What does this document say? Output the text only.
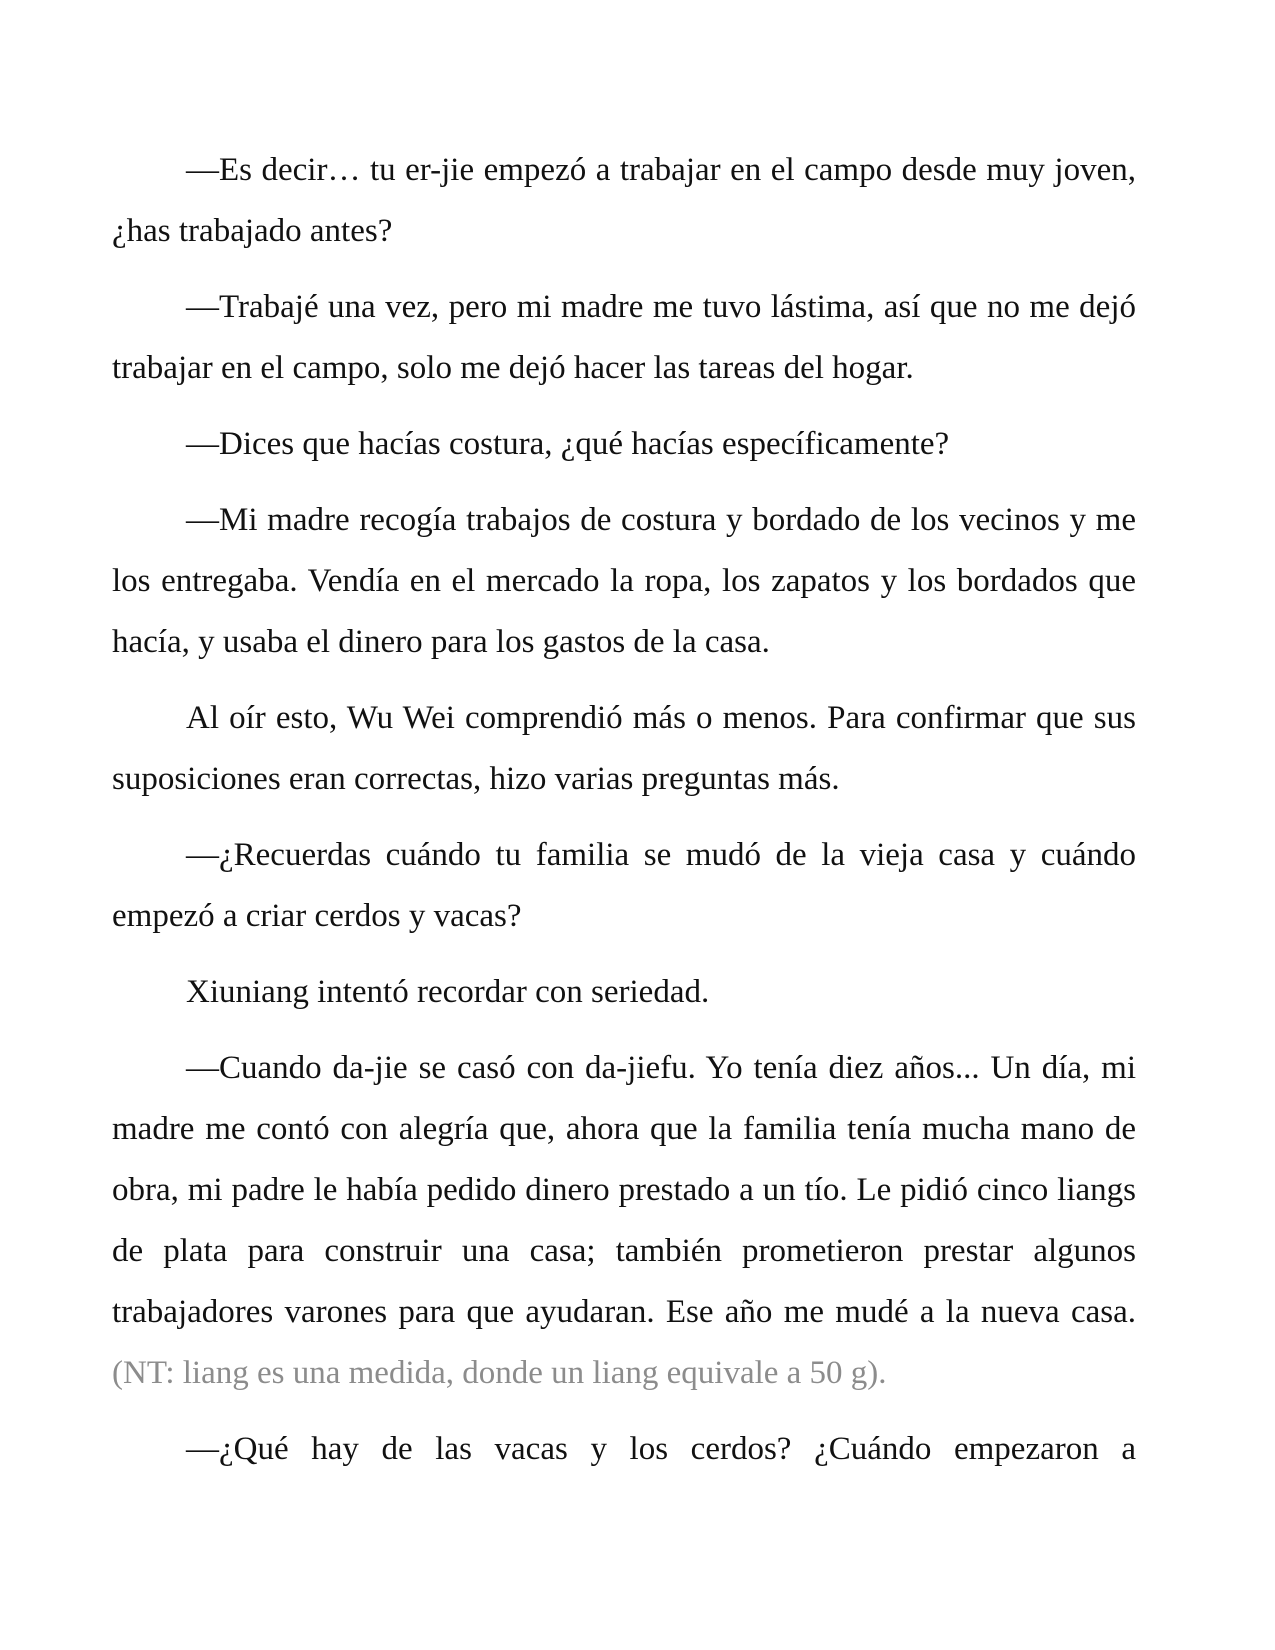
—Es decir… tu er-jie empezó a trabajar en el campo desde muy joven, ¿has trabajado antes?

—Trabajé una vez, pero mi madre me tuvo lástima, así que no me dejó trabajar en el campo, solo me dejó hacer las tareas del hogar.

—Dices que hacías costura, ¿qué hacías específicamente?

—Mi madre recogía trabajos de costura y bordado de los vecinos y me los entregaba. Vendía en el mercado la ropa, los zapatos y los bordados que hacía, y usaba el dinero para los gastos de la casa.

Al oír esto, Wu Wei comprendió más o menos. Para confirmar que sus suposiciones eran correctas, hizo varias preguntas más.

—¿Recuerdas cuándo tu familia se mudó de la vieja casa y cuándo empezó a criar cerdos y vacas?

Xiuniang intentó recordar con seriedad.

—Cuando da-jie se casó con da-jiefu. Yo tenía diez años... Un día, mi madre me contó con alegría que, ahora que la familia tenía mucha mano de obra, mi padre le había pedido dinero prestado a un tío. Le pidió cinco liangs de plata para construir una casa; también prometieron prestar algunos trabajadores varones para que ayudaran. Ese año me mudé a la nueva casa. (NT: liang es una medida, donde un liang equivale a 50 g).

—¿Qué hay de las vacas y los cerdos? ¿Cuándo empezaron a
